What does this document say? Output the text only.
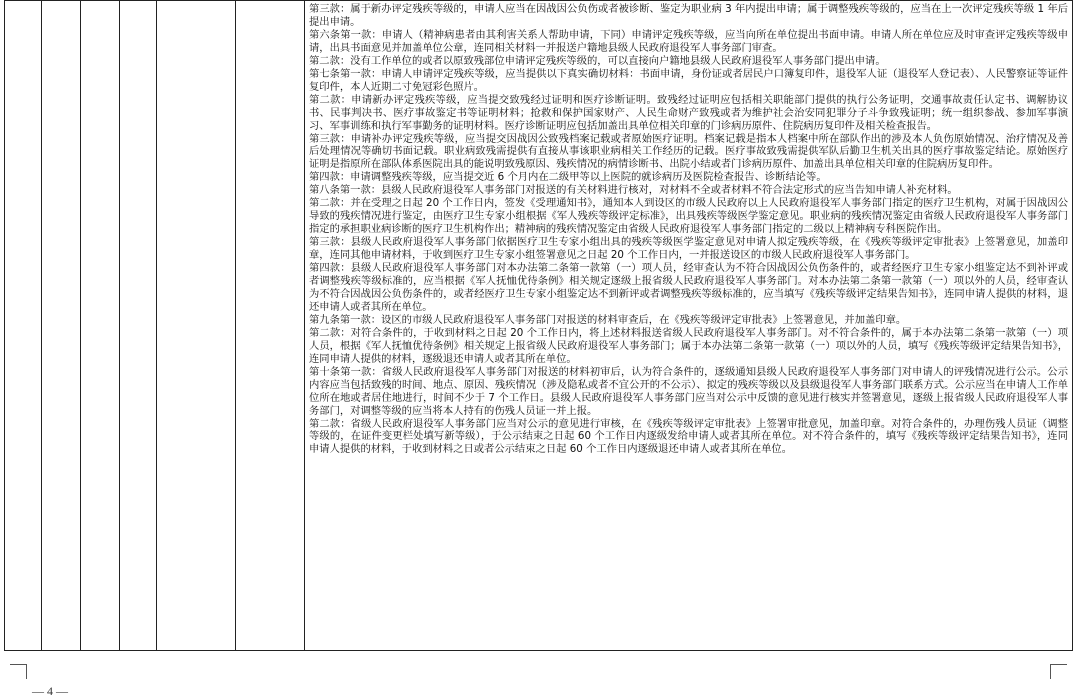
第三款：属于新办评定残疾等级的，申请人应当在因战因公负伤或者被诊断、鉴定为职业病 3 年内提出申请；属于调整残疾等级的，应当在上一次评定残疾等级 1 年后提出申请。

第六条第一款：申请人（精神病患者由其利害关系人帮助申请，下同）申请评定残疾等级，应当向所在单位提出书面申请。申请人所在单位应及时审查评定残疾等级申请，出具书面意见并加盖单位公章，连同相关材料一并报送户籍地县级人民政府退役军人事务部门审查。

第二款：没有工作单位的或者以原致残部位申请评定残疾等级的，可以直接向户籍地县级人民政府退役军人事务部门提出申请。

第七条第一款：申请人申请评定残疾等级，应当提供以下真实确切材料：书面申请，身份证或者居民户口簿复印件，退役军人证（退役军人登记表）、人民警察证等证件复印件，本人近期二寸免冠彩色照片。

第二款：申请新办评定残疾等级，应当提交致残经过证明和医疗诊断证明。致残经过证明应包括相关职能部门提供的执行公务证明，交通事故责任认定书、调解协议书、民事判决书、医疗事故鉴定书等证明材料；抢救和保护国家财产、人民生命财产致残或者为维护社会治安同犯罪分子斗争致残证明；统一组织参战、参加军事演习、军事训练和执行军事勤务的证明材料。医疗诊断证明应包括加盖出具单位相关印章的门诊病历原件、住院病历复印件及相关检查报告。

第三款：申请补办评定残疾等级，应当提交因战因公致残档案记载或者原始医疗证明。档案记载是指本人档案中所在部队作出的涉及本人负伤原始情况、治疗情况及善后处理情况等确切书面记载。职业病致残需提供有直接从事该职业病相关工作经历的记载。医疗事故致残需提供军队后勤卫生机关出具的医疗事故鉴定结论。原始医疗证明是指原所在部队体系医院出具的能说明致残原因、残疾情况的病情诊断书、出院小结或者门诊病历原件、加盖出具单位相关印章的住院病历复印件。

第四款：申请调整残疾等级，应当提交近 6 个月内在二级甲等以上医院的就诊病历及医院检查报告、诊断结论等。

第八条第一款：县级人民政府退役军人事务部门对报送的有关材料进行核对，对材料不全或者材料不符合法定形式的应当告知申请人补充材料。

第二款：并在受理之日起 20 个工作日内，签发《受理通知书》，通知本人到设区的市级人民政府以上人民政府退役军人事务部门指定的医疗卫生机构，对属于因战因公导致的残疾情况进行鉴定，由医疗卫生专家小组根据《军人残疾等级评定标准》，出具残疾等级医学鉴定意见。职业病的残疾情况鉴定由省级人民政府退役军人事务部门指定的承担职业病诊断的医疗卫生机构作出；精神病的残疾情况鉴定由省级人民政府退役军人事务部门指定的二级以上精神病专科医院作出。

第三款：县级人民政府退役军人事务部门依据医疗卫生专家小组出具的残疾等级医学鉴定意见对申请人拟定残疾等级，在《残疾等级评定审批表》上签署意见，加盖印章，连同其他申请材料，于收到医疗卫生专家小组签署意见之日起 20 个工作日内，一并报送设区的市级人民政府退役军人事务部门。

第四款：县级人民政府退役军人事务部门对本办法第二条第一款第（一）项人员，经审查认为不符合因战因公负伤条件的，或者经医疗卫生专家小组鉴定达不到补评或者调整残疾等级标准的，应当根据《军人抚恤优待条例》相关规定逐级上报省级人民政府退役军人事务部门。对本办法第二条第一款第（一）项以外的人员，经审查认为不符合因战因公负伤条件的，或者经医疗卫生专家小组鉴定达不到新评或者调整残疾等级标准的，应当填写《残疾等级评定结果告知书》，连同申请人提供的材料，退还申请人或者其所在单位。

第九条第一款：设区的市级人民政府退役军人事务部门对报送的材料审查后，在《残疾等级评定审批表》上签署意见，并加盖印章。

第二款：对符合条件的，于收到材料之日起 20 个工作日内，将上述材料报送省级人民政府退役军人事务部门。对不符合条件的，属于本办法第二条第一款第（一）项人员，根据《军人抚恤优待条例》相关规定上报省级人民政府退役军人事务部门；属于本办法第二条第一款第（一）项以外的人员，填写《残疾等级评定结果告知书》，连同申请人提供的材料，逐级退还申请人或者其所在单位。

第十条第一款：省级人民政府退役军人事务部门对报送的材料初审后，认为符合条件的，逐级通知县级人民政府退役军人事务部门对申请人的评残情况进行公示。公示内容应当包括致残的时间、地点、原因、残疾情况（涉及隐私或者不宜公开的不公示）、拟定的残疾等级以及县级退役军人事务部门联系方式。公示应当在申请人工作单位所在地或者居住地进行，时间不少于 7 个工作日。县级人民政府退役军人事务部门应当对公示中反馈的意见进行核实并签署意见，逐级上报省级人民政府退役军人事务部门，对调整等级的应当将本人持有的伤残人员证一并上报。

第二款：省级人民政府退役军人事务部门应当对公示的意见进行审核，在《残疾等级评定审批表》上签署审批意见，加盖印章。对符合条件的，办理伤残人员证（调整等级的，在证件变更栏处填写新等级），于公示结束之日起 60 个工作日内逐级发给申请人或者其所在单位。对不符合条件的，填写《残疾等级评定结果告知书》，连同申请人提供的材料，于收到材料之日或者公示结束之日起 60 个工作日内逐级退还申请人或者其所在单位。

— 4 —
